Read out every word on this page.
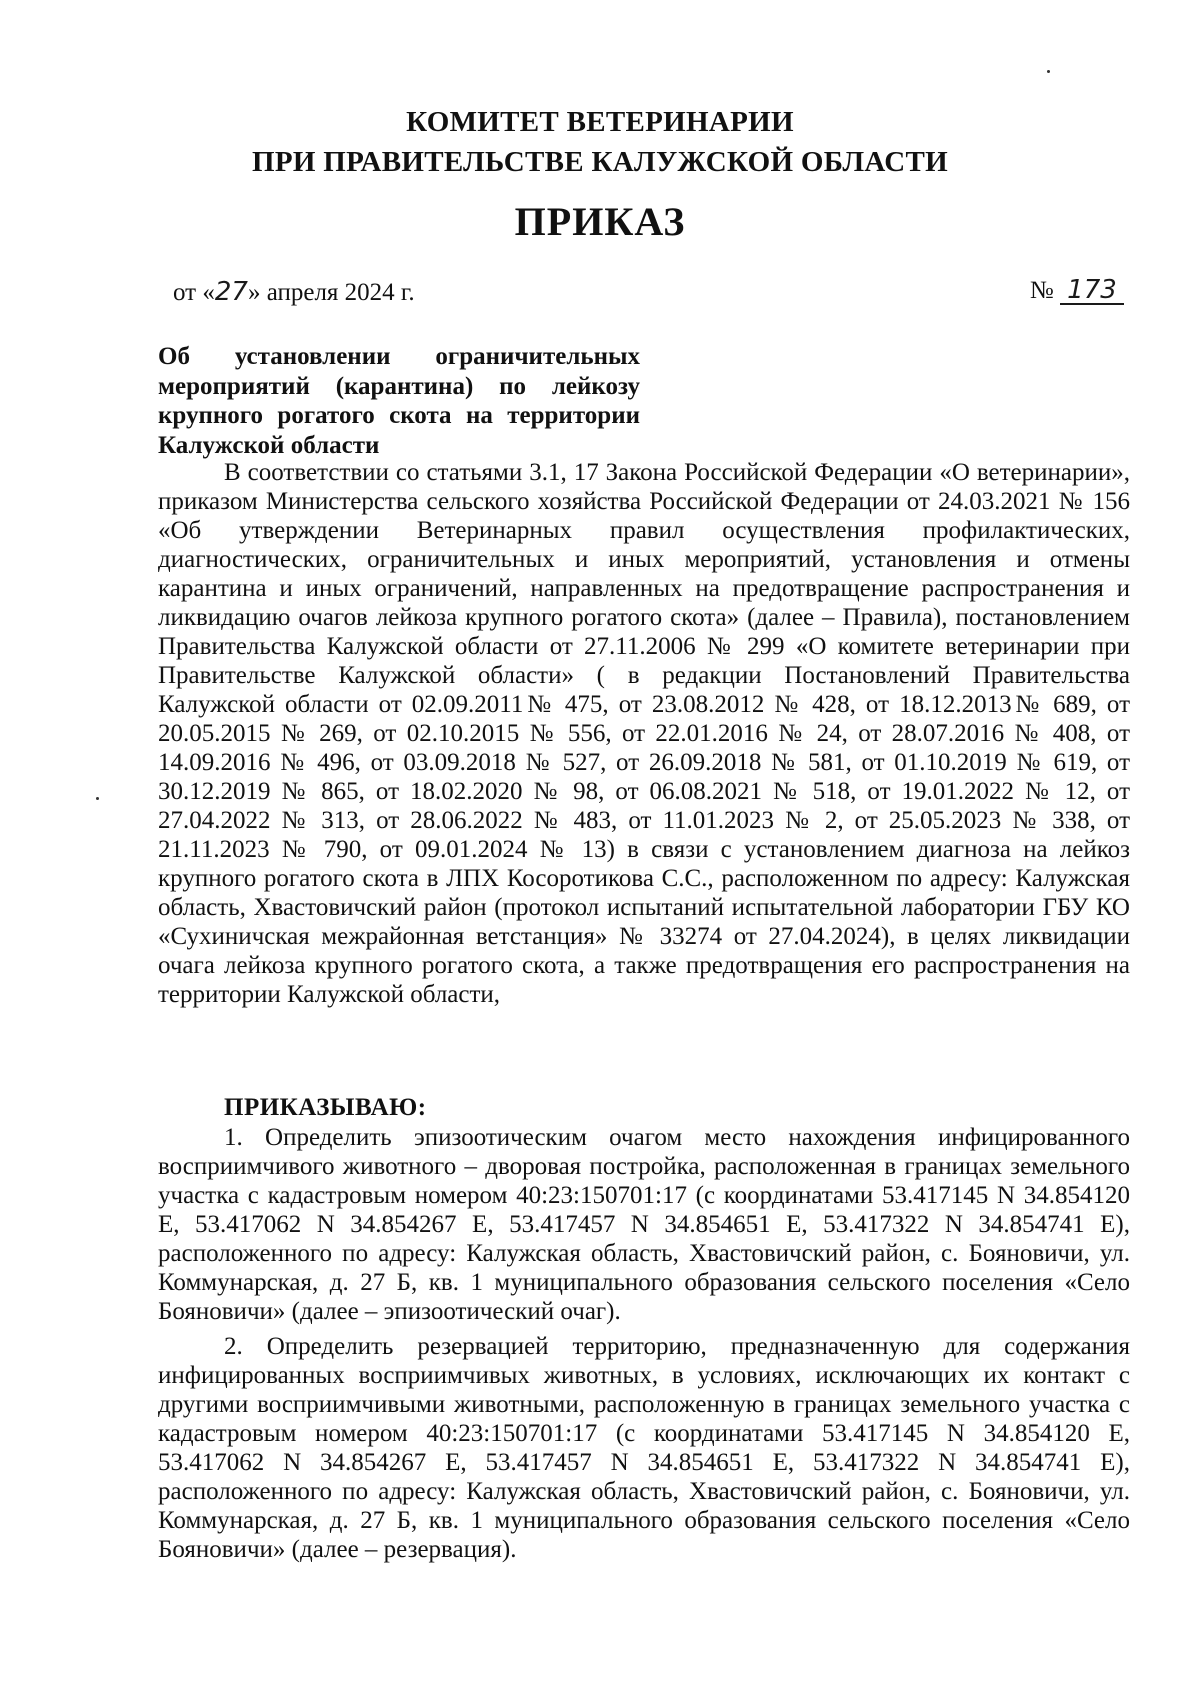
КОМИТЕТ ВЕТЕРИНАРИИ
ПРИ ПРАВИТЕЛЬСТВЕ КАЛУЖСКОЙ ОБЛАСТИ
ПРИКАЗ
от «27» апреля 2024 г.	№ 173
Об установлении ограничительных мероприятий (карантина) по лейкозу крупного рогатого скота на территории Калужской области

В соответствии со статьями 3.1, 17 Закона Российской Федерации «О ветеринарии», приказом Министерства сельского хозяйства Российской Федерации от 24.03.2021 № 156 «Об утверждении Ветеринарных правил осуществления профилактических, диагностических, ограничительных и иных мероприятий, установления и отмены карантина и иных ограничений, направленных на предотвращение распространения и ликвидацию очагов лейкоза крупного рогатого скота» (далее – Правила), постановлением Правительства Калужской области от 27.11.2006 № 299 «О комитете ветеринарии при Правительстве Калужской области» ( в редакции Постановлений Правительства Калужской области от 02.09.2011№ 475, от 23.08.2012 № 428, от 18.12.2013№ 689, от 20.05.2015 № 269, от 02.10.2015 № 556, от 22.01.2016 № 24, от 28.07.2016 № 408, от 14.09.2016 № 496, от 03.09.2018 № 527, от 26.09.2018 № 581, от 01.10.2019 № 619, от 30.12.2019 № 865, от 18.02.2020 № 98, от 06.08.2021 № 518, от 19.01.2022 № 12, от 27.04.2022 № 313, от 28.06.2022 № 483, от 11.01.2023 № 2, от 25.05.2023 № 338, от 21.11.2023 № 790, от 09.01.2024 № 13) в связи с установлением диагноза на лейкоз крупного рогатого скота в ЛПХ Косоротикова С.С., расположенном по адресу: Калужская область, Хвастовичский район (протокол испытаний испытательной лаборатории ГБУ КО «Сухиничская межрайонная ветстанция» № 33274 от 27.04.2024), в целях ликвидации очага лейкоза крупного рогатого скота, а также предотвращения его распространения на территории Калужской области,

ПРИКАЗЫВАЮ:

1. Определить эпизоотическим очагом место нахождения инфицированного восприимчивого животного – дворовая постройка, расположенная в границах земельного участка с кадастровым номером 40:23:150701:17 (с координатами 53.417145 N 34.854120 E, 53.417062 N 34.854267 E, 53.417457 N 34.854651 E, 53.417322 N 34.854741 E), расположенного по адресу: Калужская область, Хвастовичский район, с. Бояновичи, ул. Коммунарская, д. 27 Б, кв. 1 муниципального образования сельского поселения «Село Бояновичи» (далее – эпизоотический очаг).

2. Определить резервацией территорию, предназначенную для содержания инфицированных восприимчивых животных, в условиях, исключающих их контакт с другими восприимчивыми животными, расположенную в границах земельного участка с кадастровым номером 40:23:150701:17 (с координатами 53.417145 N 34.854120 E, 53.417062 N 34.854267 E, 53.417457 N 34.854651 E, 53.417322 N 34.854741 E), расположенного по адресу: Калужская область, Хвастовичский район, с. Бояновичи, ул. Коммунарская, д. 27 Б, кв. 1 муниципального образования сельского поселения «Село Бояновичи» (далее – резервация).
